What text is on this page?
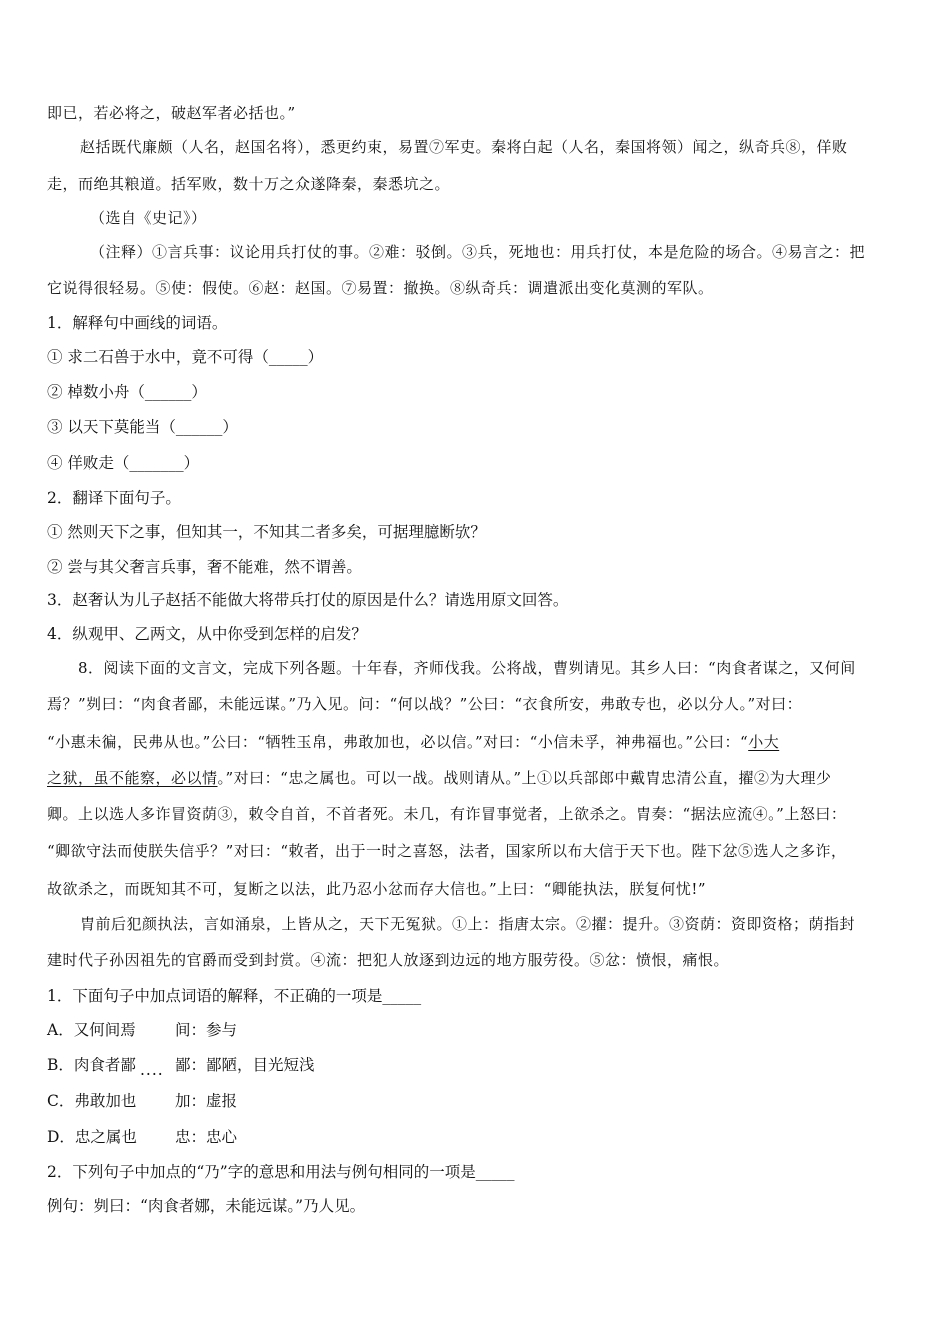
即已，若必将之，破赵军者必括也。”

赵括既代廉颇（人名，赵国名将），悉更约束，易置⑦军吏。秦将白起（人名，秦国将领）闻之，纵奇兵⑧，佯败

走，而绝其粮道。括军败，数十万之众遂降秦，秦悉坑之。

（选自《史记》）

（注释）①言兵事：议论用兵打仗的事。②难：驳倒。③兵，死地也：用兵打仗，本是危险的场合。④易言之：把

它说得很轻易。⑤使：假使。⑥赵：赵国。⑦易置：撤换。⑧纵奇兵：调遣派出变化莫测的军队。

1．解释句中画线的词语。

① 求二石兽于水中，竟不可得（_____）

② 棹数小舟（______）

③ 以天下莫能当（______）

④ 佯败走（_______）

2．翻译下面句子。

① 然则天下之事，但知其一，不知其二者多矣，可据理臆断欤？

② 尝与其父奢言兵事，奢不能难，然不谓善。

3．赵奢认为儿子赵括不能做大将带兵打仗的原因是什么？请选用原文回答。

4．纵观甲、乙两文，从中你受到怎样的启发？

8．阅读下面的文言文，完成下列各题。十年春，齐师伐我。公将战，曹刿请见。其乡人曰：“肉食者谋之，又何间

焉？”刿曰：“肉食者鄙，未能远谋。”乃入见。问：“何以战？”公曰：“衣食所安，弗敢专也，必以分人。”对曰：

“小惠未徧，民弗从也。”公曰：“牺牲玉帛，弗敢加也，必以信。”对曰：“小信未孚，神弗福也。”公曰：“小大

之狱，虽不能察，必以情。”对曰：“忠之属也。可以一战。战则请从。”上①以兵部郎中戴胄忠清公直，擢②为大理少

卿。上以选人多诈冒资荫③，敕令自首，不首者死。未几，有诈冒事觉者，上欲杀之。胄奏：“据法应流④。”上怒曰：

“卿欲守法而使朕失信乎？”对曰：“敕者，出于一时之喜怒，法者，国家所以布大信于天下也。陛下忿⑤选人之多诈，

故欲杀之，而既知其不可，复断之以法，此乃忍小忿而存大信也。”上曰：“卿能执法，朕复何忧!”

胄前后犯颜执法，言如涌泉，上皆从之，天下无冤狱。①上：指唐太宗。②擢：提升。③资荫：资即资格；荫指封

建时代子孙因祖先的官爵而受到封赏。④流：把犯人放逐到边远的地方服劳役。⑤忿：愤恨，痛恨。

1．下面句子中加点词语的解释，不正确的一项是_____

A．又何间焉	间：参与

B．肉食者鄙 .... 鄙：鄙陋，目光短浅

C．弗敢加也 加：虚报

D．忠之属也 忠：忠心

2．下列句子中加点的“乃”字的意思和用法与例句相同的一项是_____

例句：刿曰：“肉食者娜，未能远谋。”乃人见。
